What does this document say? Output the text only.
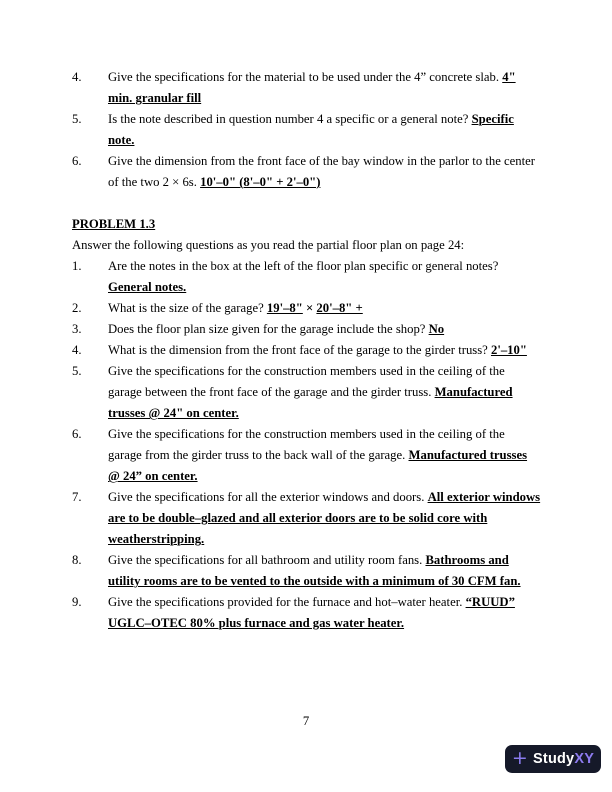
4. Give the specifications for the material to be used under the 4” concrete slab. 4" min. granular fill
5. Is the note described in question number 4 a specific or a general note? Specific note.
6. Give the dimension from the front face of the bay window in the parlor to the center of the two 2 × 6s. 10'–0" (8'–0" + 2'–0")
PROBLEM 1.3
Answer the following questions as you read the partial floor plan on page 24:
1. Are the notes in the box at the left of the floor plan specific or general notes? General notes.
2. What is the size of the garage? 19'–8" × 20'–8" +
3. Does the floor plan size given for the garage include the shop? No
4. What is the dimension from the front face of the garage to the girder truss? 2'–10"
5. Give the specifications for the construction members used in the ceiling of the garage between the front face of the garage and the girder truss. Manufactured trusses @ 24" on center.
6. Give the specifications for the construction members used in the ceiling of the garage from the girder truss to the back wall of the garage. Manufactured trusses @ 24” on center.
7. Give the specifications for all the exterior windows and doors. All exterior windows are to be double–glazed and all exterior doors are to be solid core with weatherstripping.
8. Give the specifications for all bathroom and utility room fans. Bathrooms and utility rooms are to be vented to the outside with a minimum of 30 CFM fan.
9. Give the specifications provided for the furnace and hot–water heater. “RUUD” UGLC–OTEC 80% plus furnace and gas water heater.
7
+ StudyXY
